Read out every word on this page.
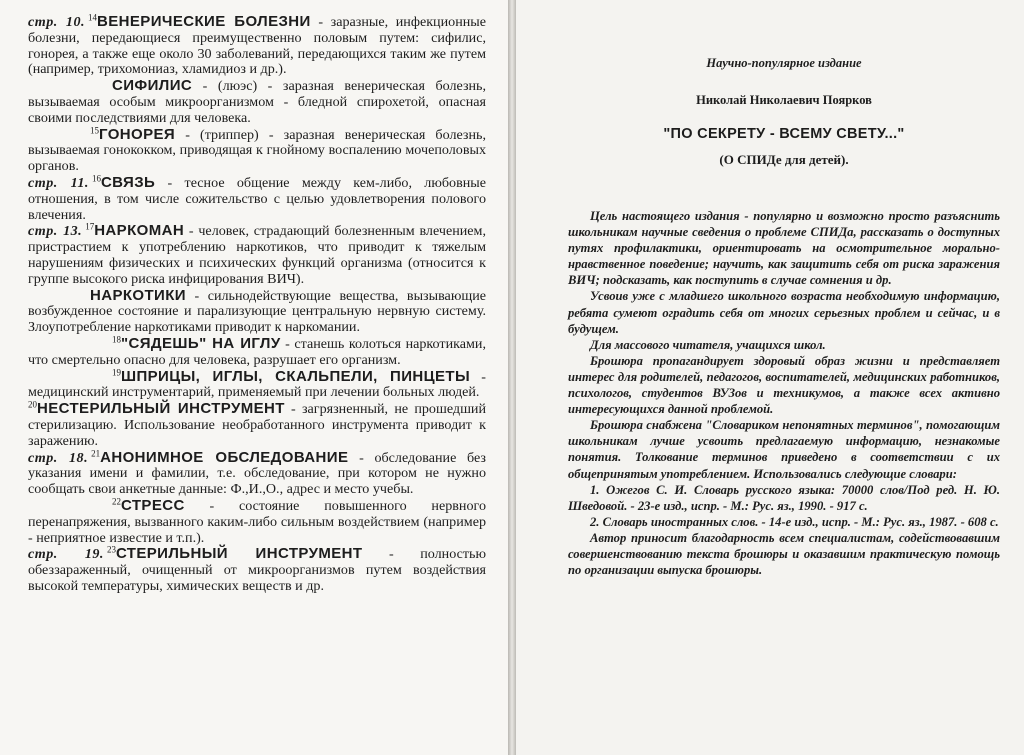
стр. 10. $^{14}$ВЕНЕРИЧЕСКИЕ БОЛЕЗНИ - заразные, инфекционные болезни, передающиеся преимущественно половым путем: сифилис, гонорея, а также еще около 30 заболеваний, передающихся таким же путем (например, трихомониаз, хламидиоз и др.).

СИФИЛИС - (люэс) - заразная венерическая болезнь, вызываемая особым микроорганизмом - бледной спирохетой, опасная своими последствиями для человека.

$^{15}$ГОНОРЕЯ - (триппер) - заразная венерическая болезнь, вызываемая гонококком, приводящая к гнойному воспалению мочеполовых органов.

стр. 11. $^{16}$СВЯЗЬ - тесное общение между кем-либо, любовные отношения, в том числе сожительство с целью удовлетворения полового влечения.

стр. 13. $^{17}$НАРКОМАН - человек, страдающий болезненным влечением, пристрастием к употреблению наркотиков, что приводит к тяжелым нарушениям физических и психических функций организма (относится к группе высокого риска инфицирования ВИЧ).

НАРКОТИКИ - сильнодействующие вещества, вызывающие возбужденное состояние и парализующие центральную нервную систему. Злоупотребление наркотиками приводит к наркомании.

$^{18}$"СЯДЕШЬ" НА ИГЛУ - станешь колоться наркотиками, что смертельно опасно для человека, разрушает его организм.

$^{19}$ШПРИЦЫ, ИГЛЫ, СКАЛЬПЕЛИ, ПИНЦЕТЫ - медицинский инструментарий, применяемый при лечении больных людей.

$^{20}$НЕСТЕРИЛЬНЫЙ ИНСТРУМЕНТ - загрязненный, не прошедший стерилизацию. Использование необработанного инструмента приводит к заражению.

стр. 18. $^{21}$АНОНИМНОЕ ОБСЛЕДОВАНИЕ - обследование без указания имени и фамилии, т.е. обследование, при котором не нужно сообщать свои анкетные данные: Ф.,И.,О., адрес и место учебы.

$^{22}$СТРЕСС - состояние повышенного нервного перенапряжения, вызванного каким-либо сильным воздействием (например - неприятное известие и т.п.).

стр. 19. $^{23}$СТЕРИЛЬНЫЙ ИНСТРУМЕНТ - полностью обеззараженный, очищенный от микроорганизмов путем воздействия высокой температуры, химических веществ и др.

Научно-популярное издание

Николай Николаевич Поярков

"ПО СЕКРЕТУ - ВСЕМУ СВЕТУ..."

(О СПИДе для детей).

Цель настоящего издания - популярно и возможно просто разъяснить школьникам научные сведения о проблеме СПИДа, рассказать о доступных путях профилактики, ориентировать на осмотрительное морально-нравственное поведение; научить, как защитить себя от риска заражения ВИЧ; подсказать, как поступить в случае сомнения и др.

Усвоив уже с младшего школьного возраста необходимую информацию, ребята сумеют оградить себя от многих серьезных проблем и сейчас, и в будущем.

Для массового читателя, учащихся школ.

Брошюра пропагандирует здоровый образ жизни и представляет интерес для родителей, педагогов, воспитателей, медицинских работников, психологов, студентов ВУЗов и техникумов, а также всех активно интересующихся данной проблемой.

Брошюра снабжена "Словариком непонятных терминов", помогающим школьникам лучше усвоить предлагаемую информацию, незнакомые понятия. Толкование терминов приведено в соответствии с их общепринятым употреблением. Использовались следующие словари:

1. Ожегов С. И. Словарь русского языка: 70000 слов/Под ред. Н. Ю. Шведовой. - 23-е изд., испр. - М.: Рус. яз., 1990. - 917 с.

2. Словарь иностранных слов. - 14-е изд., испр. - М.: Рус. яз., 1987. - 608 с.

Автор приносит благодарность всем специалистам, содействовавшим совершенствованию текста брошюры и оказавшим практическую помощь по организации выпуска брошюры.
